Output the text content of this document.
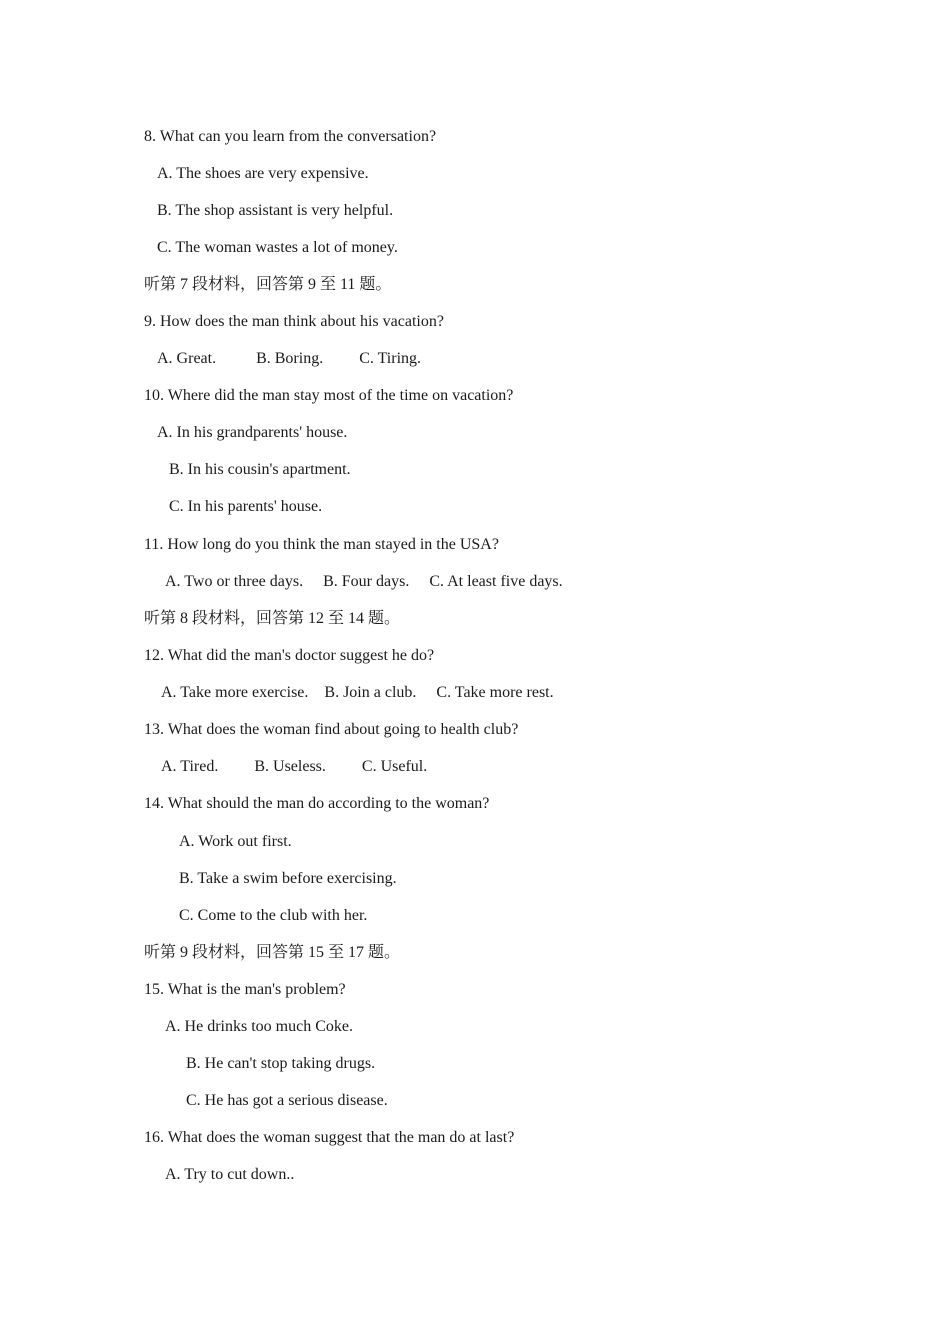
8. What can you learn from the conversation?
A. The shoes are very expensive.
B. The shop assistant is very helpful.
C. The woman wastes a lot of money.
听第 7 段材料，回答第 9 至 11 题。
9. How does the man think about his vacation?
A. Great.          B. Boring.         C. Tiring.
10. Where did the man stay most of the time on vacation?
A. In his grandparents' house.
B. In his cousin's apartment.
C. In his parents' house.
11. How long do you think the man stayed in the USA?
A. Two or three days.     B. Four days.     C. At least five days.
听第 8 段材料，回答第 12 至 14 题。
12. What did the man's doctor suggest he do?
A. Take more exercise.    B. Join a club.     C. Take more rest.
13. What does the woman find about going to health club?
A. Tired.         B. Useless.         C. Useful.
14. What should the man do according to the woman?
A. Work out first.
B. Take a swim before exercising.
C. Come to the club with her.
听第 9 段材料，回答第 15 至 17 题。
15. What is the man's problem?
A. He drinks too much Coke.
B. He can't stop taking drugs.
C. He has got a serious disease.
16. What does the woman suggest that the man do at last?
A. Try to cut down..
